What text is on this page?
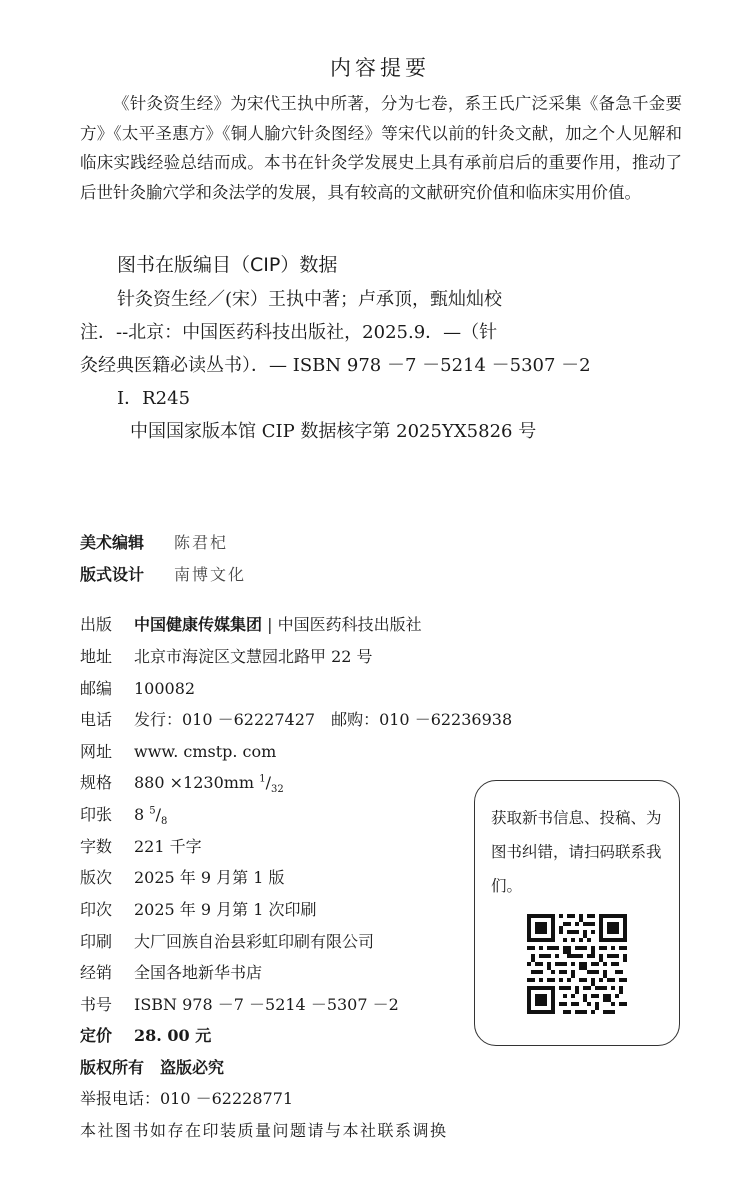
内容提要

《针灸资生经》为宋代王执中所著，分为七卷，系王氏广泛采集《备急千金要方》《太平圣惠方》《铜人腧穴针灸图经》等宋代以前的针灸文献，加之个人见解和临床实践经验总结而成。本书在针灸学发展史上具有承前启后的重要作用，推动了后世针灸腧穴学和灸法学的发展，具有较高的文献研究价值和临床实用价值。

图书在版编目（CIP）数据
针灸资生经／(宋）王执中著；卢承顶，甄灿灿校
注．--北京：中国医药科技出版社，2025.9．—（针
灸经典医籍必读丛书）．— ISBN 978 －7 －5214 －5307 －2
Ⅰ．R245
中国国家版本馆 CIP 数据核字第 2025YX5826 号
美术编辑 陈君杞
版式设计 南博文化
出版 中国健康传媒集团 | 中国医药科技出版社
地址 北京市海淀区文慧园北路甲 22 号
邮编 100082
电话 发行：010 －62227427　邮购：010 －62236938
网址 www. cmstp. com
规格 880 ×1230mm $^1/_{32}$
印张 8 $^5/_8$
字数 221 千字
版次 2025 年 9 月第 1 版
印次 2025 年 9 月第 1 次印刷
印刷 大厂回族自治县彩虹印刷有限公司
经销 全国各地新华书店
书号 ISBN 978 －7 －5214 －5307 －2
定价 28. 00 元
版权所有　盗版必究
举报电话：010 －62228771
本社图书如存在印装质量问题请与本社联系调换
获取新书信息、投稿、为图书纠错，请扫码联系我们。
